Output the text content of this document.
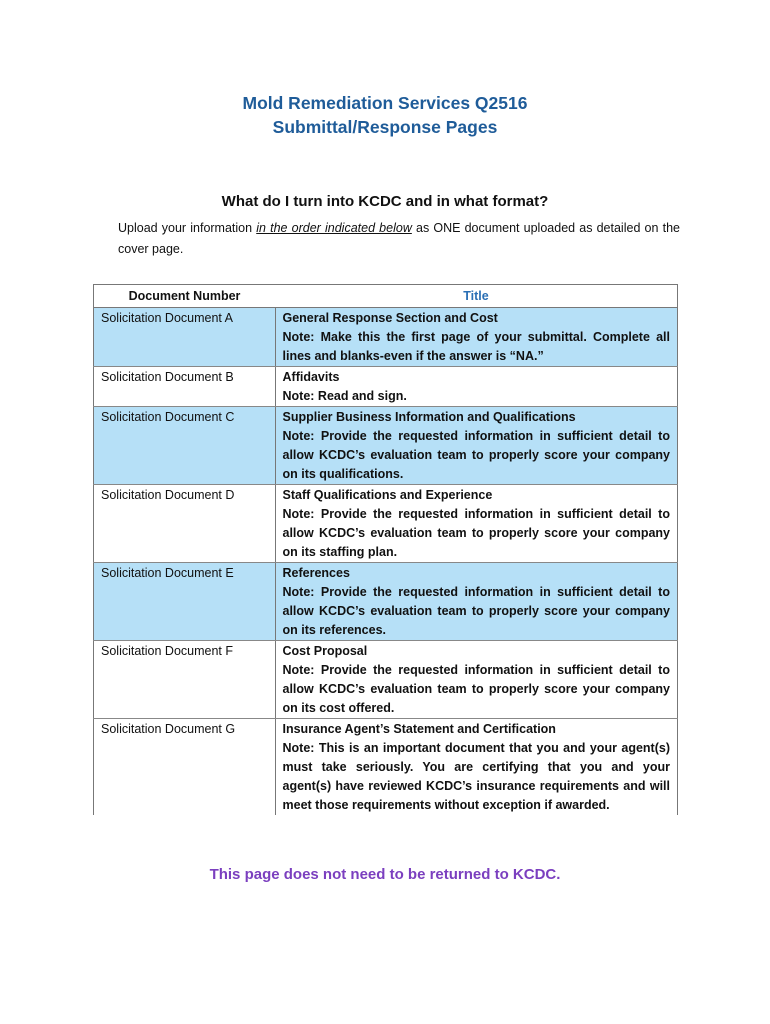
Mold Remediation Services Q2516
Submittal/Response Pages
What do I turn into KCDC and in what format?
Upload your information in the order indicated below as ONE document uploaded as detailed on the cover page.
Document Number	Title
Solicitation Document A	General Response Section and Cost
Note: Make this the first page of your submittal. Complete all lines and blanks-even if the answer is “NA.”

Solicitation Document B	Affidavits
Note: Read and sign.

Solicitation Document C	Supplier Business Information and Qualifications
Note: Provide the requested information in sufficient detail to allow KCDC’s evaluation team to properly score your company on its qualifications.

Solicitation Document D	Staff Qualifications and Experience
Note: Provide the requested information in sufficient detail to allow KCDC’s evaluation team to properly score your company on its staffing plan.

Solicitation Document E	References
Note: Provide the requested information in sufficient detail to allow KCDC’s evaluation team to properly score your company on its references.

Solicitation Document F	Cost Proposal
Note: Provide the requested information in sufficient detail to allow KCDC’s evaluation team to properly score your company on its cost offered.

Solicitation Document G	Insurance Agent’s Statement and Certification
Note: This is an important document that you and your agent(s) must take seriously. You are certifying that you and your agent(s) have reviewed KCDC’s insurance requirements and will meet those requirements without exception if awarded.
This page does not need to be returned to KCDC.
